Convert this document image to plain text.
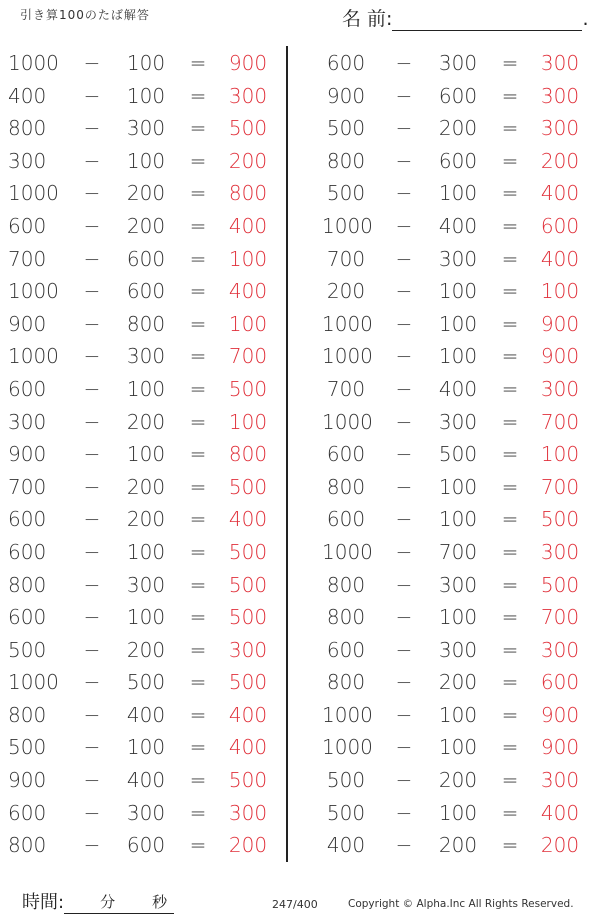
引き算100のたば解答	名 前:	.
1000 −	100	=	900
400	−	100	=	300
800	−	300	=	500
300	−	100	=	200
1000 −	200	=	800
600	−	200	=	400
700	−	600	=	100
1000 −	600	=	400
900	−	800	=	100
1000 −	300	=	700
600	−	100	=	500
300	−	200	=	100
900	−	100	=	800
700	−	200	=	500
600	−	200	=	400
600	−	100	=	500
800	−	300	=	500
600	−	100	=	500
500	−	200	=	300
1000 −	500	=	500
800	−	400	=	400
500	−	100	=	400
900	−	400	=	500
600	−	300	=	300
800	−	600	=	200
600 −	300	=	300
900 −	600	=	300
500 −	200	=	300
800 −	600	=	200
500 −	100	=	400
1000 −	400	=	600
700 −	300	=	400
200 −	100	=	100
1000 −	100	=	900
1000 −	100	=	900
700 −	400	=	300
1000 −	300	=	700
600 −	500	=	100
800 −	100	=	700
600 −	100	=	500
1000 −	700	=	300
800 −	300	=	500
800 −	100	=	700
600 −	300	=	300
800 −	200	=	600
1000 −	100	=	900
1000 −	100	=	900
500 −	200	=	300
500 −	100	=	400
400 −	200	=	200
時間: 分 秒	247/400	Copyright © Alpha.Inc All Rights Reserved.
